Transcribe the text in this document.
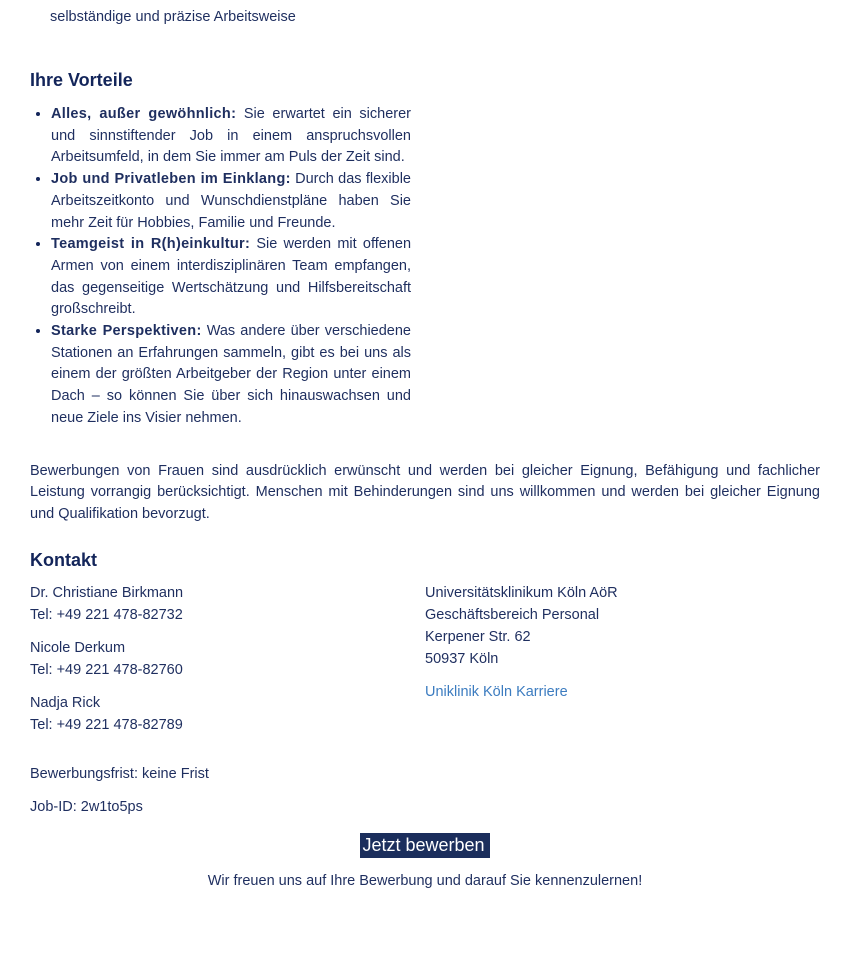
selbständige und präzise Arbeitsweise
Ihre Vorteile
• Alles, außer gewöhnlich: Sie erwartet ein sicherer und sinnstiftender Job in einem anspruchsvollen Arbeitsumfeld, in dem Sie immer am Puls der Zeit sind.
• Job und Privatleben im Einklang: Durch das flexible Arbeitszeitkonto und Wunschdienstpläne haben Sie mehr Zeit für Hobbies, Familie und Freunde.
• Teamgeist in R(h)einkultur: Sie werden mit offenen Armen von einem interdisziplinären Team empfangen, das gegenseitige Wertschätzung und Hilfsbereitschaft großschreibt.
• Starke Perspektiven: Was andere über verschiedene Stationen an Erfahrungen sammeln, gibt es bei uns als einem der größten Arbeitgeber der Region unter einem Dach – so können Sie über sich hinauswachsen und neue Ziele ins Visier nehmen.
Bewerbungen von Frauen sind ausdrücklich erwünscht und werden bei gleicher Eignung, Befähigung und fachlicher Leistung vorrangig berücksichtigt. Menschen mit Behinderungen sind uns willkommen und werden bei gleicher Eignung und Qualifikation bevorzugt.
Kontakt
Dr. Christiane Birkmann
Tel: +49 221 478-82732
Nicole Derkum
Tel: +49 221 478-82760
Nadja Rick
Tel: +49 221 478-82789
Universitätsklinikum Köln AöR
Geschäftsbereich Personal
Kerpener Str. 62
50937 Köln
Uniklinik Köln Karriere
Bewerbungsfrist: keine Frist
Job-ID: 2w1to5ps
Jetzt bewerben
Wir freuen uns auf Ihre Bewerbung und darauf Sie kennenzulernen!
